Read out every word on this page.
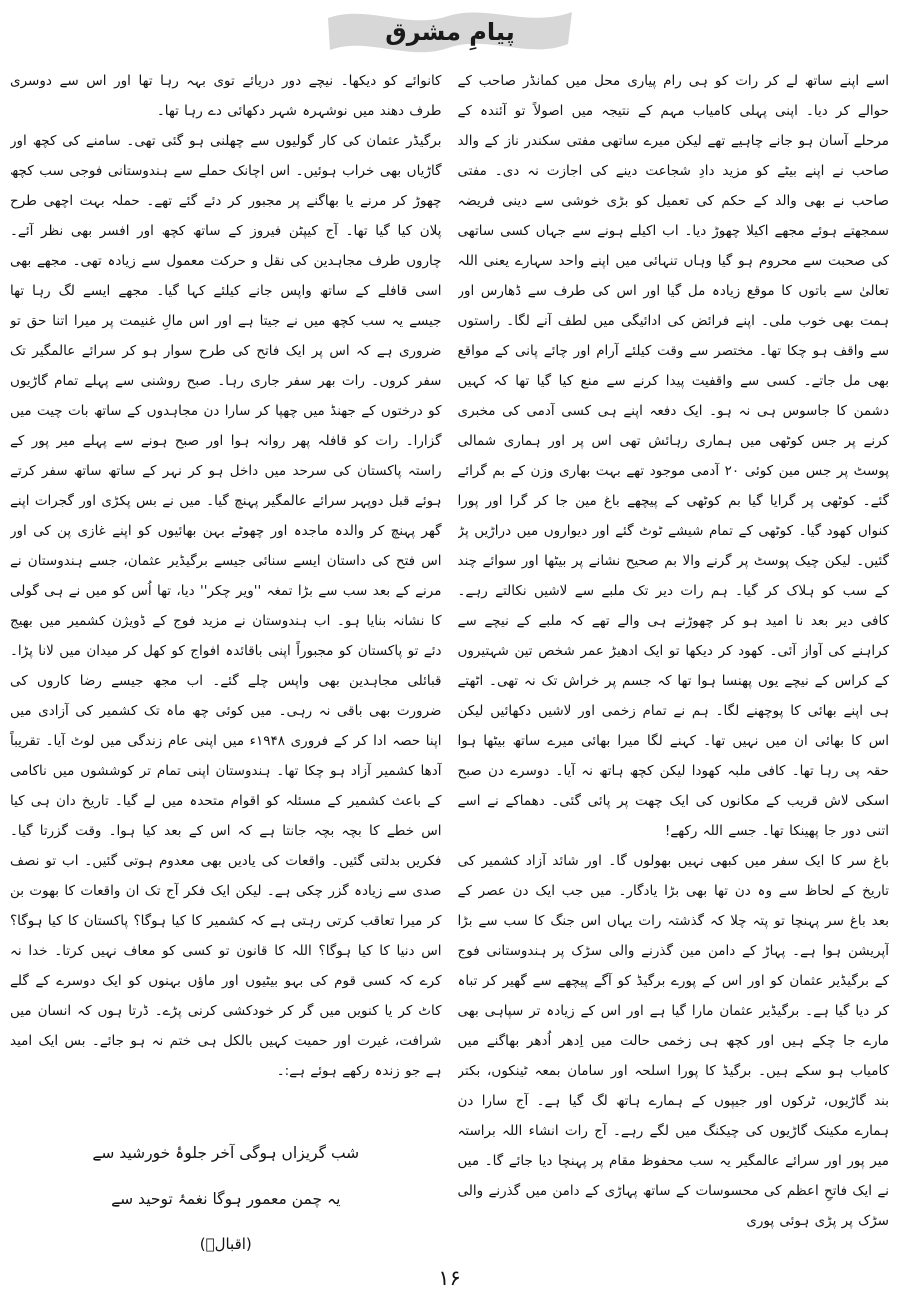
پیامِ مشرق

اسے اپنے ساتھ لے کر رات کو ہی رام پیاری محل میں کمانڈر صاحب کے حوالے کر دیا۔ اپنی پہلی کامیاب مہم کے نتیجہ میں اصولاً تو آئندہ کے مرحلے آسان ہو جانے چاہیے تھے لیکن میرے ساتھی مفتی سکندر ناز کے والد صاحب نے اپنے بیٹے کو مزید دادِ شجاعت دینے کی اجازت نہ دی۔ مفتی صاحب نے بھی والد کے حکم کی تعمیل کو بڑی خوشی سے دینی فریضہ سمجھتے ہوئے مجھے اکیلا چھوڑ دیا۔ اب اکیلے ہونے سے جہاں کسی ساتھی کی صحبت سے محروم ہو گیا وہاں تنہائی میں اپنے واحد سہارے یعنی اللہ تعالیٰ سے باتوں کا موقع زیادہ مل گیا اور اس کی طرف سے ڈھارس اور ہمت بھی خوب ملی۔ اپنے فرائض کی ادائیگی میں لطف آنے لگا۔ راستوں سے واقف ہو چکا تھا۔ مختصر سے وقت کیلئے آرام اور چائے پانی کے مواقع بھی مل جاتے۔ کسی سے واقفیت پیدا کرنے سے منع کیا گیا تھا کہ کہیں دشمن کا جاسوس ہی نہ ہو۔ ایک دفعہ اپنے ہی کسی آدمی کی مخبری کرنے پر جس کوٹھی میں ہماری رہائش تھی اس پر اور ہماری شمالی پوسٹ پر جس مین کوئی ۲۰ آدمی موجود تھے بہت بھاری وزن کے بم گرائے گئے۔ کوٹھی پر گرایا گیا بم کوٹھی کے پیچھے باغ مین جا کر گرا اور پورا کنواں کھود گیا۔ کوٹھی کے تمام شیشے ٹوٹ گئے اور دیواروں میں دراڑیں پڑ گئیں۔ لیکن چیک پوسٹ پر گرنے والا بم صحیح نشانے پر بیٹھا اور سوائے چند کے سب کو ہلاک کر گیا۔ ہم رات دیر تک ملبے سے لاشیں نکالتے رہے۔ کافی دیر بعد نا امید ہو کر چھوڑنے ہی والے تھے کہ ملبے کے نیچے سے کراہنے کی آواز آئی۔ کھود کر دیکھا تو ایک ادھیڑ عمر شخص تین شہتیروں کے کراس کے نیچے یوں پھنسا ہوا تھا کہ جسم پر خراش تک نہ تھی۔ اٹھتے ہی اپنے بھائی کا پوچھنے لگا۔ ہم نے تمام زخمی اور لاشیں دکھائیں لیکن اس کا بھائی ان میں نہیں تھا۔ کہنے لگا میرا بھائی میرے ساتھ بیٹھا ہوا حقہ پی رہا تھا۔ کافی ملبہ کھودا لیکن کچھ ہاتھ نہ آیا۔ دوسرے دن صبح اسکی لاش قریب کے مکانوں کی ایک چھت پر پائی گئی۔ دھماکے نے اسے اتنی دور جا پھینکا تھا۔ جسے اللہ رکھے!

باغ سر کا ایک سفر میں کبھی نہیں بھولوں گا۔ اور شائد آزاد کشمیر کی تاریخ کے لحاظ سے وہ دن تھا بھی بڑا یادگار۔ میں جب ایک دن عصر کے بعد باغ سر پہنچا تو پتہ چلا کہ گذشتہ رات یہاں اس جنگ کا سب سے بڑا آپریشن ہوا ہے۔ پہاڑ کے دامن مین گذرنے والی سڑک پر ہندوستانی فوج کے برگیڈیر عثمان کو اور اس کے پورے برگیڈ کو آگے پیچھے سے گھیر کر تباہ کر دیا گیا ہے۔ برگیڈیر عثمان مارا گیا ہے اور اس کے زیادہ تر سپاہی بھی مارے جا چکے ہیں اور کچھ ہی زخمی حالت میں اِدھر اُدھر بھاگنے میں کامیاب ہو سکے ہیں۔ برگیڈ کا پورا اسلحہ اور سامان بمعہ ٹینکوں، بکتر بند گاڑیوں، ٹرکوں اور جیپوں کے ہمارے ہاتھ لگ گیا ہے۔ آج سارا دن ہمارے مکینک گاڑیوں کی چیکنگ میں لگے رہے۔ آج رات انشاء اللہ براستہ میر پور اور سرائے عالمگیر یہ سب محفوظ مقام پر پہنچا دیا جائے گا۔ میں نے ایک فاتحِ اعظم کی محسوسات کے ساتھ پہاڑی کے دامن میں گذرنے والی سڑک پر پڑی ہوئی پوری

کانوائے کو دیکھا۔ نیچے دور دریائے توی بہہ رہا تھا اور اس سے دوسری طرف دھند میں نوشہرہ شہر دکھائی دے رہا تھا۔

برگیڈر عثمان کی کار گولیوں سے چھلنی ہو گئی تھی۔ سامنے کی کچھ اور گاڑیاں بھی خراب ہوئیں۔ اس اچانک حملے سے ہندوستانی فوجی سب کچھ چھوڑ کر مرنے یا بھاگنے پر مجبور کر دئے گئے تھے۔ حملہ بہت اچھی طرح پلان کیا گیا تھا۔ آج کیپٹن فیروز کے ساتھ کچھ اور افسر بھی نظر آئے۔ چاروں طرف مجاہدین کی نقل و حرکت معمول سے زیادہ تھی۔ مجھے بھی اسی قافلے کے ساتھ واپس جانے کیلئے کہا گیا۔ مجھے ایسے لگ رہا تھا جیسے یہ سب کچھ میں نے جیتا ہے اور اس مالِ غنیمت پر میرا اتنا حق تو ضروری ہے کہ اس پر ایک فاتح کی طرح سوار ہو کر سرائے عالمگیر تک سفر کروں۔ رات بھر سفر جاری رہا۔ صبح روشنی سے پہلے تمام گاڑیوں کو درختوں کے جھنڈ میں چھپا کر سارا دن مجاہدوں کے ساتھ بات چیت میں گزارا۔ رات کو قافلہ پھر روانہ ہوا اور صبح ہونے سے پہلے میر پور کے راستہ پاکستان کی سرحد میں داخل ہو کر نہر کے ساتھ ساتھ سفر کرتے ہوئے قبل دوپہر سرائے عالمگیر پہنچ گیا۔ میں نے بس پکڑی اور گجرات اپنے گھر پہنچ کر والدہ ماجدہ اور چھوٹے بہن بھائیوں کو اپنے غازی پن کی اور اس فتح کی داستان ایسے سنائی جیسے برگیڈیر عثمان، جسے ہندوستان نے مرنے کے بعد سب سے بڑا تمغہ ''ویر چکر'' دیا، تھا اُس کو میں نے ہی گولی کا نشانہ بنایا ہو۔ اب ہندوستان نے مزید فوج کے ڈویژن کشمیر میں بھیج دئے تو پاکستان کو مجبوراً اپنی باقائدہ افواج کو کھل کر میدان میں لانا پڑا۔ قبائلی مجاہدین بھی واپس چلے گئے۔ اب مجھ جیسے رضا کاروں کی ضرورت بھی باقی نہ رہی۔ میں کوئی چھ ماہ تک کشمیر کی آزادی میں اپنا حصہ ادا کر کے فروری ۱۹۴۸ء میں اپنی عام زندگی میں لوٹ آیا۔ تقریباً آدھا کشمیر آزاد ہو چکا تھا۔ ہندوستان اپنی تمام تر کوششوں میں ناکامی کے باعث کشمیر کے مسئلہ کو اقوام متحدہ میں لے گیا۔ تاریخ دان ہی کیا اس خطے کا بچہ بچہ جانتا ہے کہ اس کے بعد کیا ہوا۔ وقت گزرتا گیا۔ فکریں بدلتی گئیں۔ واقعات کی یادیں بھی معدوم ہوتی گئیں۔ اب تو نصف صدی سے زیادہ گزر چکی ہے۔ لیکن ایک فکر آج تک ان واقعات کا بھوت بن کر میرا تعاقب کرتی رہتی ہے کہ کشمیر کا کیا ہوگا؟ پاکستان کا کیا ہوگا؟ اس دنیا کا کیا ہوگا؟ اللہ کا قانون تو کسی کو معاف نہیں کرتا۔ خدا نہ کرے کہ کسی قوم کی بہو بیٹیوں اور ماؤں بہنوں کو ایک دوسرے کے گلے کاٹ کر یا کنویں میں گر کر خودکشی کرنی پڑے۔ ڈرتا ہوں کہ انسان میں شرافت، غیرت اور حمیت کہیں بالکل ہی ختم نہ ہو جائے۔ بس ایک امید ہے جو زندہ رکھے ہوئے ہے:۔

شب گریزاں ہوگی آخر جلوۂ خورشید سے
یہ چمن معمور ہوگا نغمۂ توحید سے
(اقبالؒ)
۱۶
